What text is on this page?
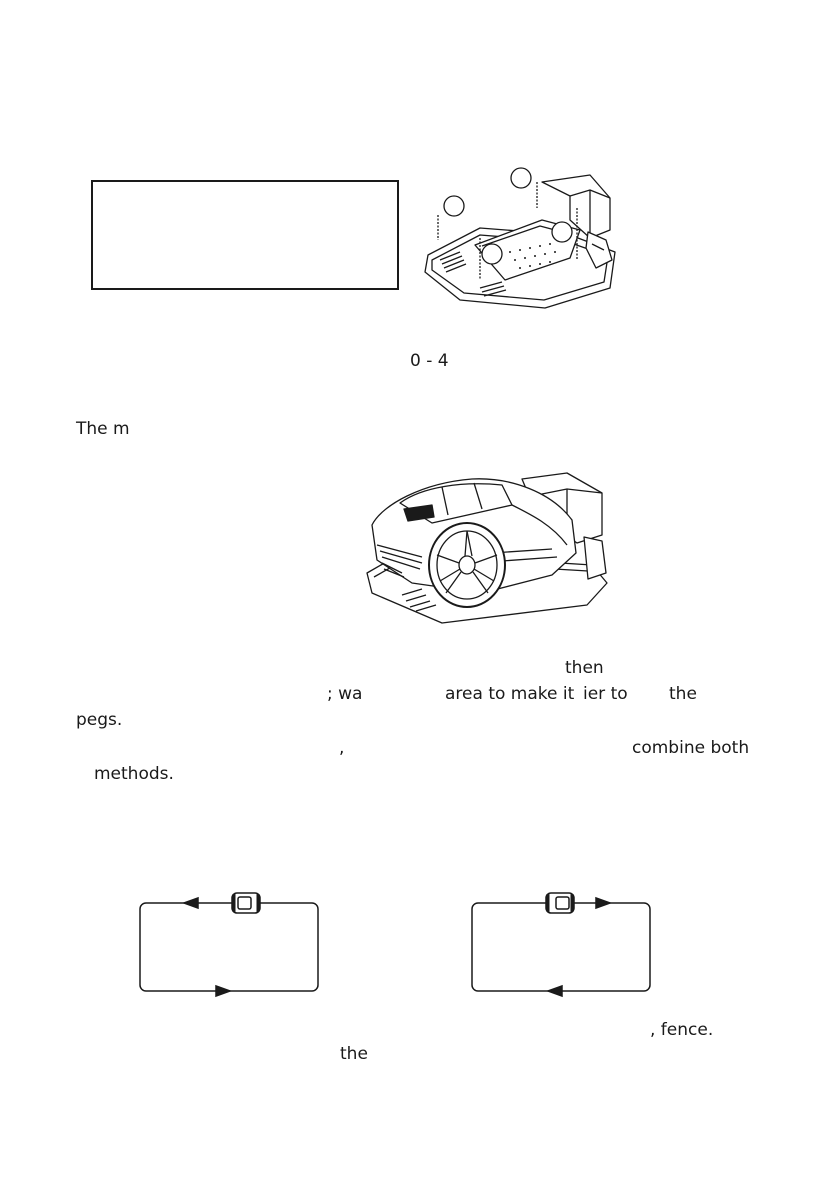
0 - 4
The m
then
; wa	area to make it ier to the
pegs.
,	combine both
methods.
, fence.
the
